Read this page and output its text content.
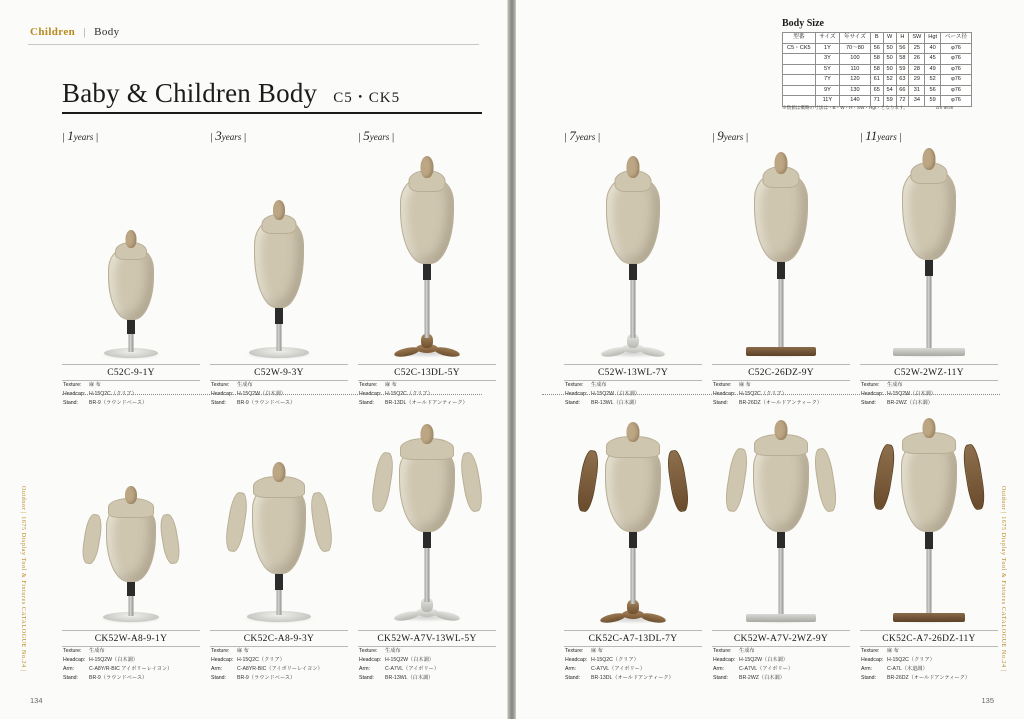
Children | Body
Baby & Children Body C5・CK5
| 1years |
C52C-9-1Y
Texture: 麻 布
Headcap: H-15Q2C（クリア）
Stand: BR-9（ラウンドベース）
| 3years |
C52W-9-3Y
Texture: 生成布
Headcap: H-15Q2W（白木調）
Stand: BR-9（ラウンドベース）
| 5years |
C52C-13DL-5Y
Texture: 麻 布
Headcap: H-15Q2C（クリア）
Stand: BR-13DL（オールドアンティーク）
CK52W-A8-9-1Y
Texture: 生成布
Headcap: H-15Q2W（白木調）
Arm:	C-A8Y/R-BIC アイボリーレイヨン）
Stand: BR-9（ラウンドベース）
CK52C-A8-9-3Y
Texture: 麻 布
Headcap: H-15Q2C（クリア）
Arm:	C-A8YR-BIC（アイボリーレイヨン）
Stand: BR-9（ラウンドベース）
CK52W-A7V-13WL-5Y
Texture: 生成布
Headcap: H-15Q2W（白木調）
Arm:	C-A7VL（アイボリー）
Stand: BR-13WL（白木調）
Outdoor | 1675 Display Tool & Fixtures CATALOGUE No.24 |
134
Body Size
型番	サイズ	年サイズ	B	W	H	SW	Hgt	ベース径
C5・CK5	1Y	70〜80	56	50	56	25	40	φ76
	3Y	100	58	50	58	26	45	φ76
	5Y	110	58	50	59	28	49	φ76
	7Y	120	61	52	63	29	52	φ76
	9Y	130	65	54	66	31	56	φ76
	11Y	140	71	59	72	34	59	φ76
※数値は概略の寸法は・B・W・H・SW・Hgt・となります。	cm ※cm
| 7years |
C52W-13WL-7Y
Texture: 生成布
Headcap: H-15Q2W（白木調）
Stand: BR-13WL（白木調）
| 9years |
C52C-26DZ-9Y
Texture: 麻 布
Headcap: H-15Q2C（クリア）
Stand: BR-26DZ（オールドアンティーク）
| 11years |
C52W-2WZ-11Y
Texture: 生成布
Headcap: H-15Q2W（白木調）
Stand: BR-2WZ（白木調）
CK52C-A7-13DL-7Y
Texture: 麻 布
Headcap: H-15Q2C（クリア）
Arm:	C-A7VL（アイボリー）
Stand: BR-13DL（オールドアンティーク）
CK52W-A7V-2WZ-9Y
Texture: 生成布
Headcap: H-15Q2W（白木調）
Arm:	C-A7VL（アイボリー）
Stand: BR-2WZ（白木調）
CK52C-A7-26DZ-11Y
Texture: 麻 布
Headcap: H-15Q2C（クリア）
Arm:	C-A7L（木道調）
Stand: BR-26DZ（オールドアンティーク）
Outdoor | 1675 Display Tool & Fixtures CATALOGUE No.24 |
135
